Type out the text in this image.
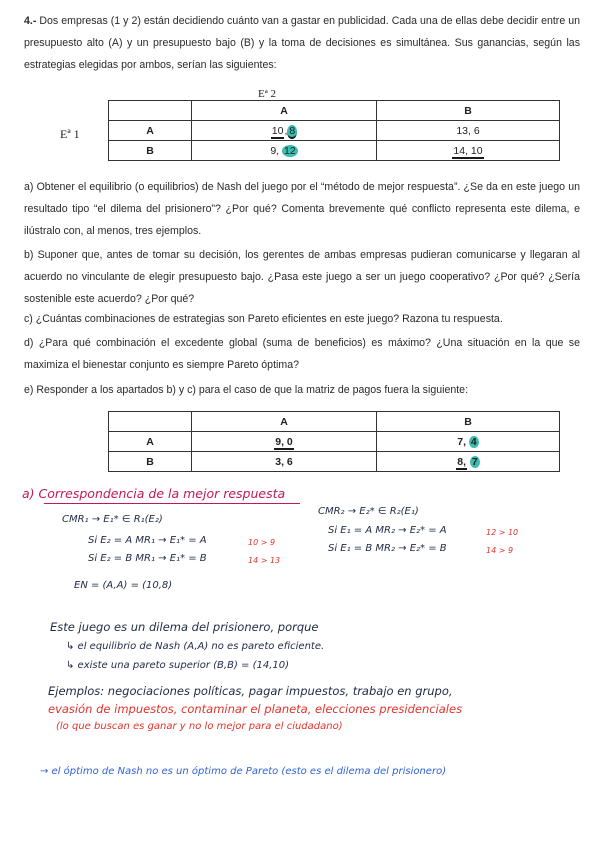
4.- Dos empresas (1 y 2) están decidiendo cuánto van a gastar en publicidad. Cada una de ellas debe decidir entre un presupuesto alto (A) y un presupuesto bajo (B) y la toma de decisiones es simultánea. Sus ganancias, según las estrategias elegidas por ambos, serían las siguientes:
Eª 2
Eª 1
	A	B
A	10, 8	13, 6
B	9, 12	14, 10
a) Obtener el equilibrio (o equilibrios) de Nash del juego por el “método de mejor respuesta”. ¿Se da en este juego un resultado tipo “el dilema del prisionero”? ¿Por qué? Comenta brevemente qué conflicto representa este dilema, e ilústralo con, al menos, tres ejemplos.
b) Suponer que, antes de tomar su decisión, los gerentes de ambas empresas pudieran comunicarse y llegaran al acuerdo no vinculante de elegir presupuesto bajo. ¿Pasa este juego a ser un juego cooperativo? ¿Por qué? ¿Sería sostenible este acuerdo? ¿Por qué?
c) ¿Cuántas combinaciones de estrategias son Pareto eficientes en este juego? Razona tu respuesta.
d) ¿Para qué combinación el excedente global (suma de beneficios) es máximo? ¿Una situación en la que se maximiza el bienestar conjunto es siempre Pareto óptima?
e) Responder a los apartados b) y c) para el caso de que la matriz de pagos fuera la siguiente:
	A	B
A	9, 0	7, 4
B	3, 6	8, 7
a) Correspondencia de la mejor respuesta
CMR₁ → E₁* ∈ R₁(E₂)
CMR₂ → E₂* ∈ R₂(E₁)
Si E₂ = A MR₁ → E₁* = A	10 > 9
Si E₂ = B MR₁ → E₁* = B	14 > 13
Si E₁ = A MR₂ → E₂* = A	12 > 10
Si E₁ = B MR₂ → E₂* = B	14 > 9
EN = (A,A) = (10,8)
Este juego es un dilema del prisionero, porque
↳ el equilibrio de Nash (A,A) no es pareto eficiente.
↳ existe una pareto superior (B,B) = (14,10)
Ejemplos: negociaciones políticas, pagar impuestos, trabajo en grupo,
evasión de impuestos, contaminar el planeta, elecciones presidenciales
(lo que buscan es ganar y no lo mejor para el ciudadano)
→ el óptimo de Nash no es un óptimo de Pareto (esto es el dilema del prisionero)
